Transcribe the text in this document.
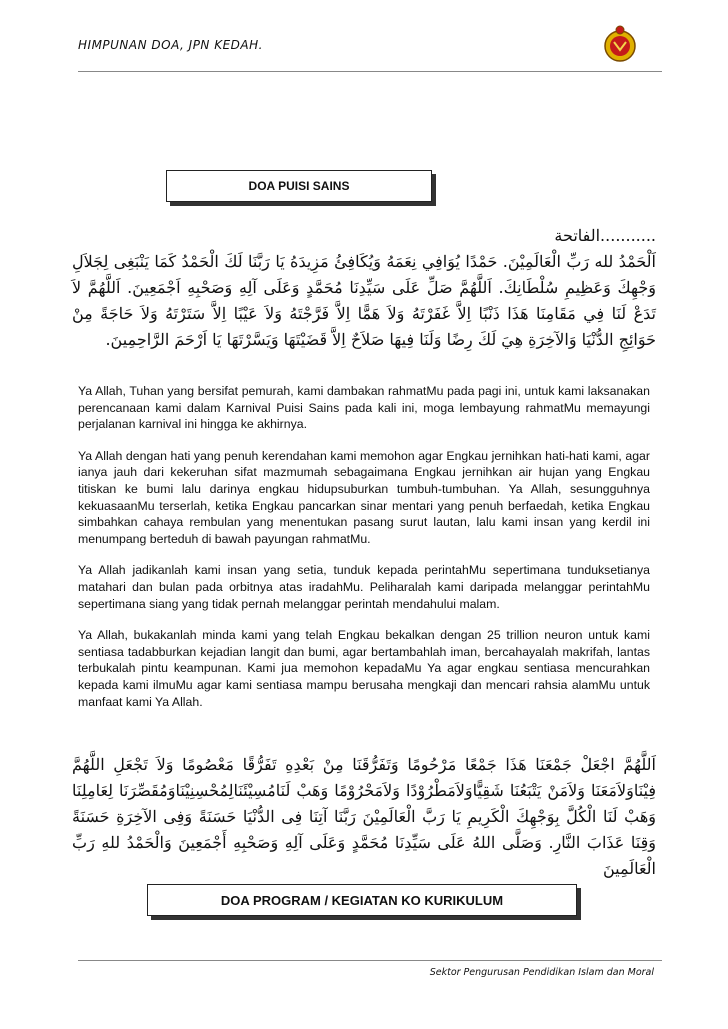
HIMPUNAN DOA, JPN KEDAH.
DOA PUISI SAINS

...........الفاتحة

اَلْحَمْدُ لله رَبِّ الْعَالَمِيْنَ. حَمْدًا يُوَافِي نِعَمَهُ وَيُكَافِئُ مَزِيدَهُ يَا رَبَّنَا لَكَ الْحَمْدُ كَمَا يَنْبَغِى لِجَلاَلِ وَجْهِكَ وَعَظِيمِ سُلْطَانِكَ. اَللَّهُمَّ صَلِّ عَلَى سَيِّدِنَا مُحَمَّدٍ وَعَلَى آلِهِ وَصَحْبِهِ اَجْمَعِينَ. اَللَّهُمَّ لاَ تَدَعْ لَنَا فِي مَقَامِنَا هَذَا ذَنْبًا اِلاَّ غَفَرْتَهُ وَلاَ هَمًّا اِلاَّ فَرَّجْتَهُ وَلاَ عَيْبًا اِلاَّ سَتَرْتَهُ وَلاَ حَاجَةً مِنْ حَوَائِجِ الدُّنْيَا وَالآخِرَةِ هِيَ لَكَ رِضًا وَلَنَا فِيهَا صَلاَحٌ اِلاَّ قَضَيْتَهَا وَيَسَّرْتَهَا يَا اَرْحَمَ الرَّاحِمِينَ.

Ya Allah, Tuhan yang bersifat pemurah, kami dambakan rahmatMu pada pagi ini, untuk kami laksanakan perencanaan kami dalam Karnival Puisi Sains pada kali ini, moga lembayung rahmatMu memayungi perjalanan karnival ini hingga ke akhirnya.

Ya Allah dengan hati yang penuh kerendahan kami memohon agar Engkau jernihkan hati-hati kami, agar ianya jauh dari kekeruhan sifat mazmumah sebagaimana Engkau jernihkan air hujan yang Engkau titiskan ke bumi lalu darinya engkau hidupsuburkan tumbuh-tumbuhan. Ya Allah, sesungguhnya kekuasaanMu terserlah, ketika Engkau pancarkan sinar mentari yang penuh berfaedah, ketika Engkau simbahkan cahaya rembulan yang menentukan pasang surut lautan, lalu kami insan yang kerdil ini menumpang berteduh di bawah payungan rahmatMu.

Ya Allah jadikanlah kami insan yang setia, tunduk kepada perintahMu sepertimana tunduksetianya matahari dan bulan pada orbitnya atas iradahMu. Peliharalah kami daripada melanggar perintahMu sepertimana siang yang tidak pernah melanggar perintah mendahului malam.

Ya Allah, bukakanlah minda kami yang telah Engkau bekalkan dengan 25 trillion neuron untuk kami sentiasa tadabburkan kejadian langit dan bumi, agar bertambahlah iman, bercahayalah makrifah, lantas terbukalah pintu keampunan. Kami jua memohon kepadaMu Ya agar engkau sentiasa mencurahkan kepada kami ilmuMu agar kami sentiasa mampu berusaha mengkaji dan mencari rahsia alamMu untuk manfaat kami Ya Allah.

اَللَّهُمَّ اجْعَلْ جَمْعَنَا هَذَا جَمْعًا مَرْحُومًا وَتَفَرُّقَنَا مِنْ بَعْدِهِ تَفَرُّقًا مَعْصُومًا وَلاَ تَجْعَلِ اللَّهُمَّ فِيْنَاوَلاَمَعَنَا وَلاَمَنْ يَتْبَعُنَا شَقِيًّاوَلاَمَطْرُوْدًا وَلاَمَحْرُوْمًا وَهَبْ لَنَامُسِيْئَنَالِمُحْسِنِيْنَاوَمُقَصِّرَنَا لِعَامِلِنَا وَهَبْ لَنَا الْكُلَّ بِوَجْهِكَ الْكَرِيمِ يَا رَبَّ الْعَالَمِيْنَ رَبَّنَا آتِنَا فِى الدُّنْيَا حَسَنَةً وَفِى الآخِرَةِ حَسَنَةً وَقِنَا عَذَابَ النَّارِ. وَصَلَّى اللهُ عَلَى سَيِّدِنَا مُحَمَّدٍ وَعَلَى آلِهِ وَصَحْبِهِ أَجْمَعِينَ وَالْحَمْدُ للهِ رَبِّ الْعَالَمِينَ

DOA PROGRAM / KEGIATAN KO KURIKULUM
Sektor Pengurusan Pendidikan Islam dan Moral
